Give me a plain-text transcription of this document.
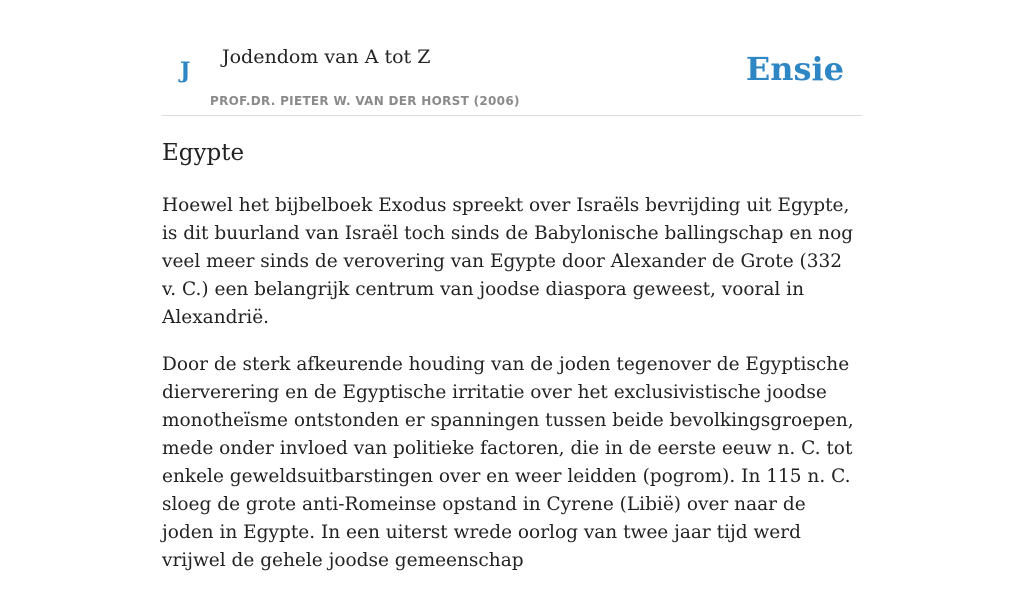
J
Jodendom van A tot Z
PROF.DR. PIETER W. VAN DER HORST (2006)
Ensie
Egypte

Hoewel het bijbelboek Exodus spreekt over Israëls bevrijding uit Egypte, is dit buurland van Israël toch sinds de Babylonische ballingschap en nog veel meer sinds de verovering van Egypte door Alexander de Grote (332 v. C.) een belangrijk centrum van joodse diaspora geweest, vooral in Alexandrië.

Door de sterk afkeurende houding van de joden tegenover de Egyptische dierverering en de Egyptische irritatie over het exclusivistische joodse monotheïsme ontstonden er spanningen tussen beide bevolkingsgroepen, mede onder invloed van politieke factoren, die in de eerste eeuw n. C. tot enkele geweldsuitbarstingen over en weer leidden (pogrom). In 115 n. C. sloeg de grote anti-Romeinse opstand in Cyrene (Libië) over naar de joden in Egypte. In een uiterst wrede oorlog van twee jaar tijd werd vrijwel de gehele joodse gemeenschap
